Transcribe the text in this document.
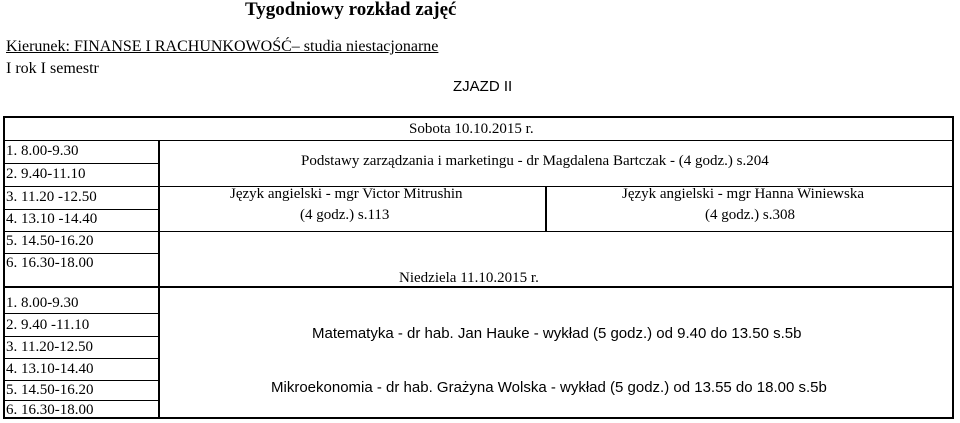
Tygodniowy rozkład zajęć
Kierunek: FINANSE I RACHUNKOWOŚĆ– studia niestacjonarne
I rok I semestr
ZJAZD II
Sobota 10.10.2015 r.
Niedziela 11.10.2015 r.
1. 8.00-9.30
2. 9.40-11.10
3. 11.20 -12.50
4. 13.10 -14.40
5. 14.50-16.20
6. 16.30-18.00
1. 8.00-9.30
2. 9.40 -11.10
3. 11.20-12.50
4. 13.10-14.40
5. 14.50-16.20
6. 16.30-18.00
Podstawy zarządzania i marketingu - dr Magdalena Bartczak - (4 godz.) s.204
Język angielski - mgr Victor Mitrushin
(4 godz.) s.113
Język angielski - mgr Hanna Winiewska
(4 godz.) s.308
Matematyka - dr hab. Jan Hauke - wykład (5 godz.) od 9.40 do 13.50 s.5b
Mikroekonomia - dr hab. Grażyna Wolska - wykład (5 godz.) od 13.55 do 18.00 s.5b
